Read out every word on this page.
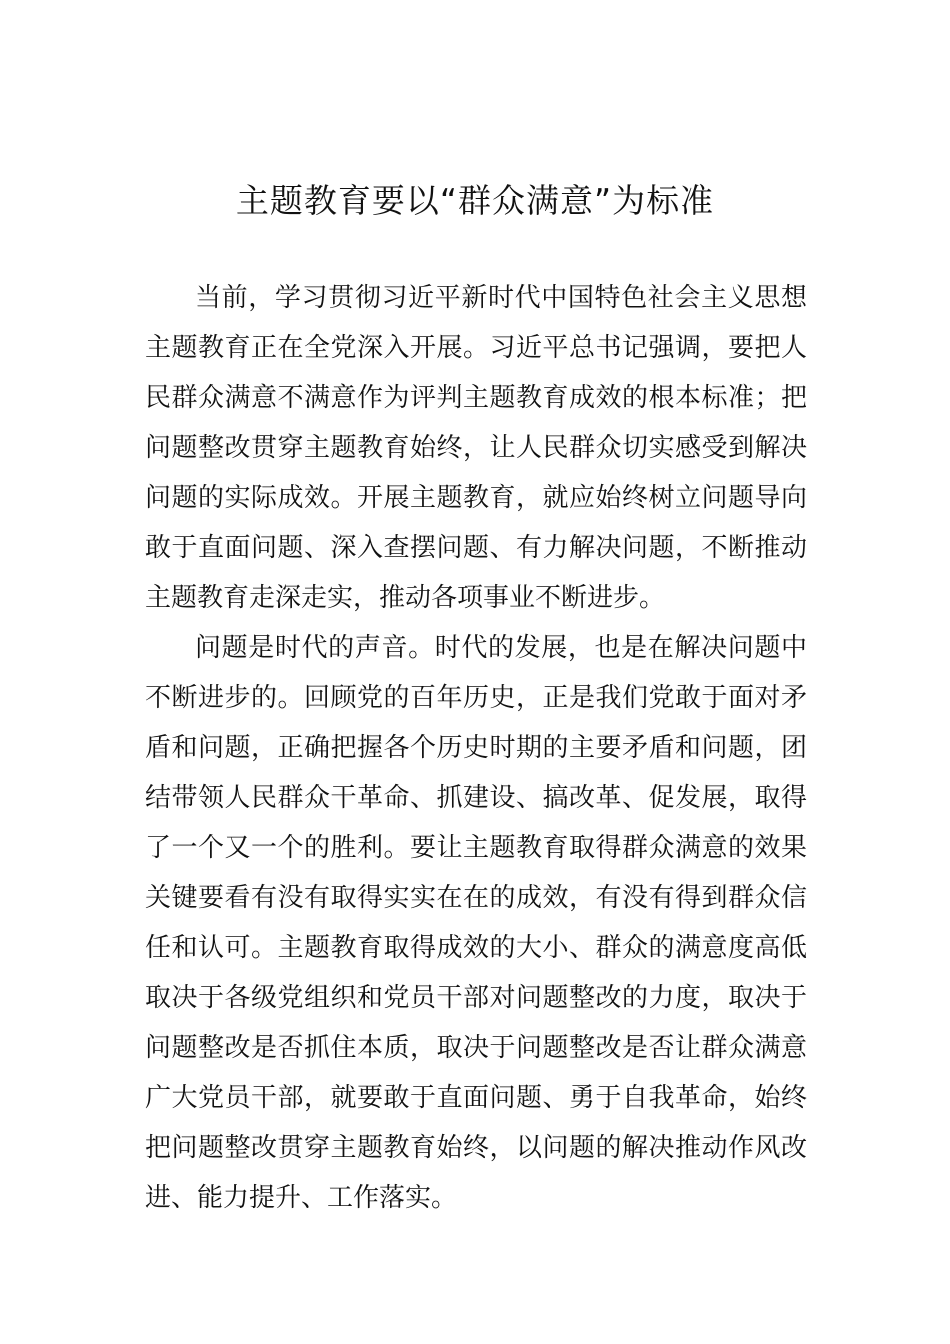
主题教育要以“群众满意”为标准
当前，学习贯彻习近平新时代中国特色社会主义思想
主题教育正在全党深入开展。习近平总书记强调，要把人
民群众满意不满意作为评判主题教育成效的根本标准；把
问题整改贯穿主题教育始终，让人民群众切实感受到解决
问题的实际成效。开展主题教育，就应始终树立问题导向
敢于直面问题、深入查摆问题、有力解决问题，不断推动
主题教育走深走实，推动各项事业不断进步。
问题是时代的声音。时代的发展，也是在解决问题中
不断进步的。回顾党的百年历史，正是我们党敢于面对矛
盾和问题，正确把握各个历史时期的主要矛盾和问题，团
结带领人民群众干革命、抓建设、搞改革、促发展，取得
了一个又一个的胜利。要让主题教育取得群众满意的效果
关键要看有没有取得实实在在的成效，有没有得到群众信
任和认可。主题教育取得成效的大小、群众的满意度高低
取决于各级党组织和党员干部对问题整改的力度，取决于
问题整改是否抓住本质，取决于问题整改是否让群众满意
广大党员干部，就要敢于直面问题、勇于自我革命，始终
把问题整改贯穿主题教育始终，以问题的解决推动作风改
进、能力提升、工作落实。
